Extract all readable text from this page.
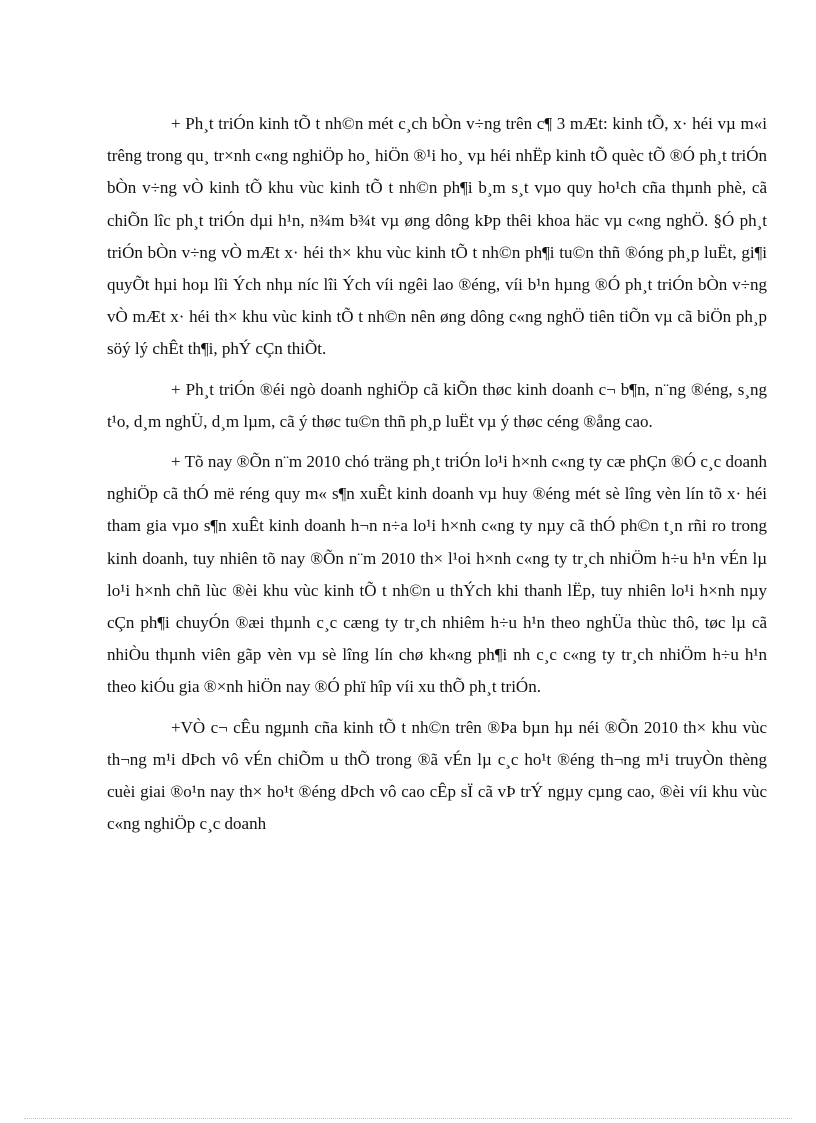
+ Ph¸t triÓn kinh tÕ t nh©n mét c¸ch bÒn v÷ng trên c¶ 3 mÆt: kinh tÕ, x· héi vµ m«i trêng trong qu¸ tr×nh c«ng nghiÖp ho¸ hiÖn ®¹i ho¸ vµ héi nhËp kinh tÕ quèc tÕ ®Ó ph¸t triÓn bÒn v÷ng vÒ kinh tÕ khu vùc kinh tÕ t nh©n ph¶i b¸m s¸t vµo quy ho¹ch cña thµnh phè, cã chiÕn lîc ph¸t triÓn dµi h¹n, n¾m b¾t vµ øng dông kÞp thêi khoa häc vµ c«ng nghÖ. §Ó ph¸t triÓn bÒn v÷ng vÒ mÆt x· héi th× khu vùc kinh tÕ t nh©n ph¶i tu©n thñ ®óng ph¸p luËt, gi¶i quyÕt hµi hoµ lîi Ých nhµ níc lîi Ých víi ngêi lao ®éng, víi b¹n hµng ®Ó ph¸t triÓn bÒn v÷ng vÒ mÆt x· héi th× khu vùc kinh tÕ t nh©n nên øng dông c«ng nghÖ tiên tiÕn vµ cã biÖn ph¸p söý lý chÊt th¶i, phÝ cÇn thiÕt.

+ Ph¸t triÓn ®éi ngò doanh nghiÖp cã kiÕn thøc kinh doanh c¬ b¶n, n¨ng ®éng, s¸ng t¹o, d¸m nghÜ, d¸m lµm, cã ý thøc tu©n thñ ph¸p luËt vµ ý thøc céng ®ång cao.

+ Tõ nay ®Õn n¨m 2010 chó träng ph¸t triÓn lo¹i h×nh c«ng ty cæ phÇn ®Ó c¸c doanh nghiÖp cã thÓ më réng quy m« s¶n xuÊt kinh doanh vµ huy ®éng mét sè lîng vèn lín tõ x· héi tham gia vµo s¶n xuÊt kinh doanh h¬n n÷a lo¹i h×nh c«ng ty nµy cã thÓ ph©n t¸n rñi ro trong kinh doanh, tuy nhiên tõ nay ®Õn n¨m 2010 th× l¹oi h×nh c«ng ty tr¸ch nhiÖm h÷u h¹n vÉn lµ lo¹i h×nh chñ lùc ®èi khu vùc kinh tÕ t nh©n u thÝch khi thanh lËp, tuy nhiên lo¹i h×nh nµy cÇn ph¶i chuyÓn ®æi thµnh c¸c cæng ty tr¸ch nhiêm h÷u h¹n theo nghÜa thùc thô, tøc lµ cã nhiÒu thµnh viên gãp vèn vµ sè lîng lín chø kh«ng ph¶i nh c¸c c«ng ty tr¸ch nhiÖm h÷u h¹n theo kiÓu gia ®×nh hiÖn nay ®Ó phï hîp víi xu thÕ ph¸t triÓn.

+VÒ c¬ cÊu ngµnh cña kinh tÕ t nh©n trên ®Þa bµn hµ néi ®Õn 2010 th× khu vùc th¬ng m¹i dÞch vô vÉn chiÕm u thÕ trong ®ã vÉn lµ c¸c ho¹t ®éng th¬ng m¹i truyÒn thèng cuèi giai ®o¹n nay th× ho¹t ®éng dÞch vô cao cÊp sÏ cã vÞ trÝ ngµy cµng cao, ®èi víi khu vùc c«ng nghiÖp c¸c doanh
